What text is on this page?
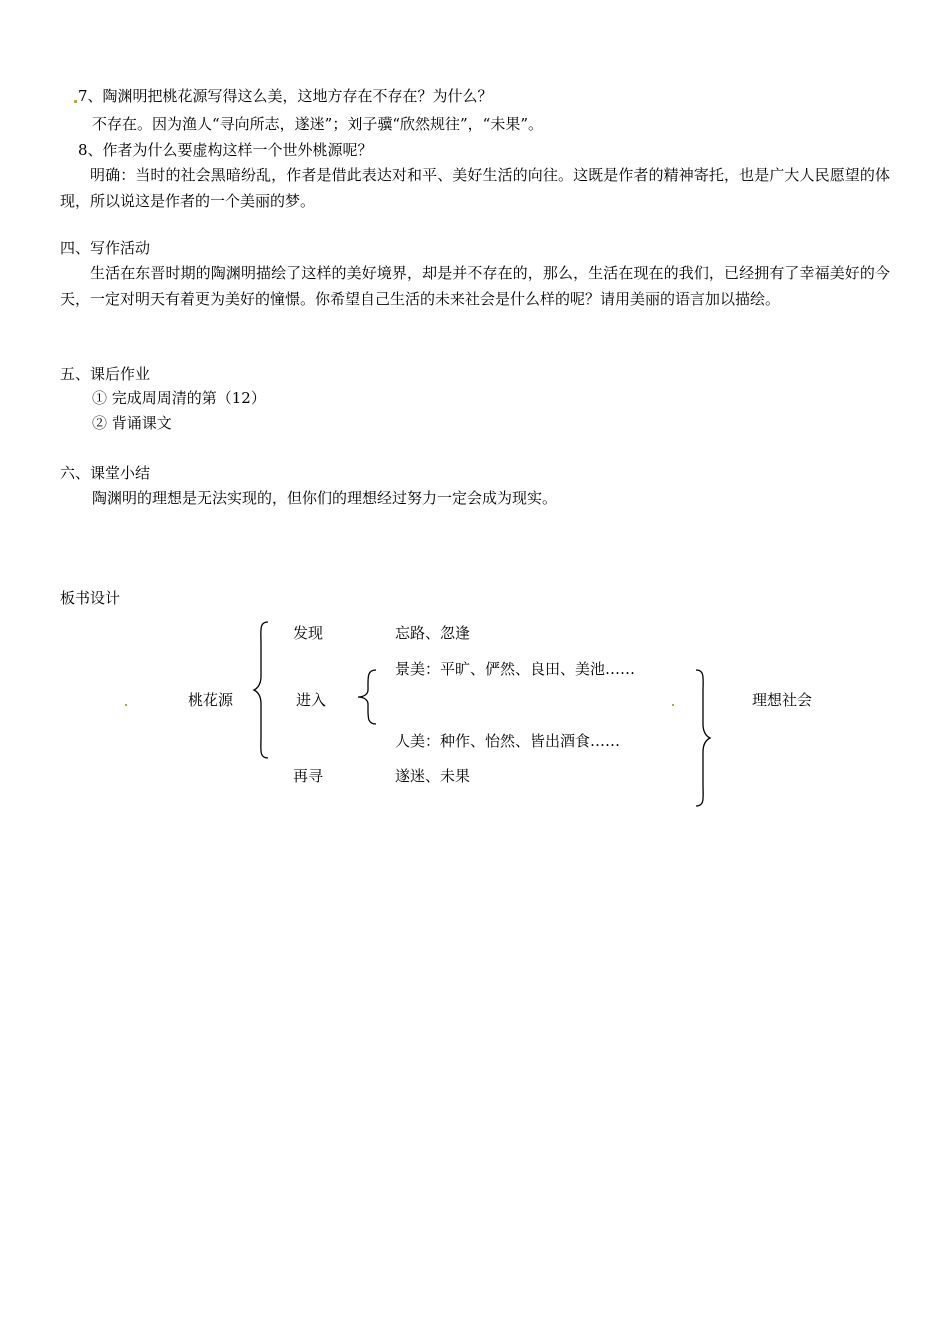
7、陶渊明把桃花源写得这么美，这地方存在不存在？为什么？
不存在。因为渔人“寻向所志，遂迷”；刘子骥“欣然规往”，“未果”。
8、作者为什么要虚构这样一个世外桃源呢？
明确：当时的社会黑暗纷乱，作者是借此表达对和平、美好生活的向往。这既是作者的精神寄托，也是广大人民愿望的体现，所以说这是作者的一个美丽的梦。
四、写作活动
生活在东晋时期的陶渊明描绘了这样的美好境界，却是并不存在的，那么，生活在现在的我们，已经拥有了幸福美好的今天，一定对明天有着更为美好的憧憬。你希望自己生活的未来社会是什么样的呢？请用美丽的语言加以描绘。
五、课后作业
① 完成周周清的第（12）
② 背诵课文
六、课堂小结
陶渊明的理想是无法实现的，但你们的理想经过努力一定会成为现实。
板书设计
桃花源
发现	忘路、忽逢
进入
景美：平旷、俨然、良田、美池……
人美：种作、怡然、皆出酒食……
再寻	遂迷、未果
理想社会
